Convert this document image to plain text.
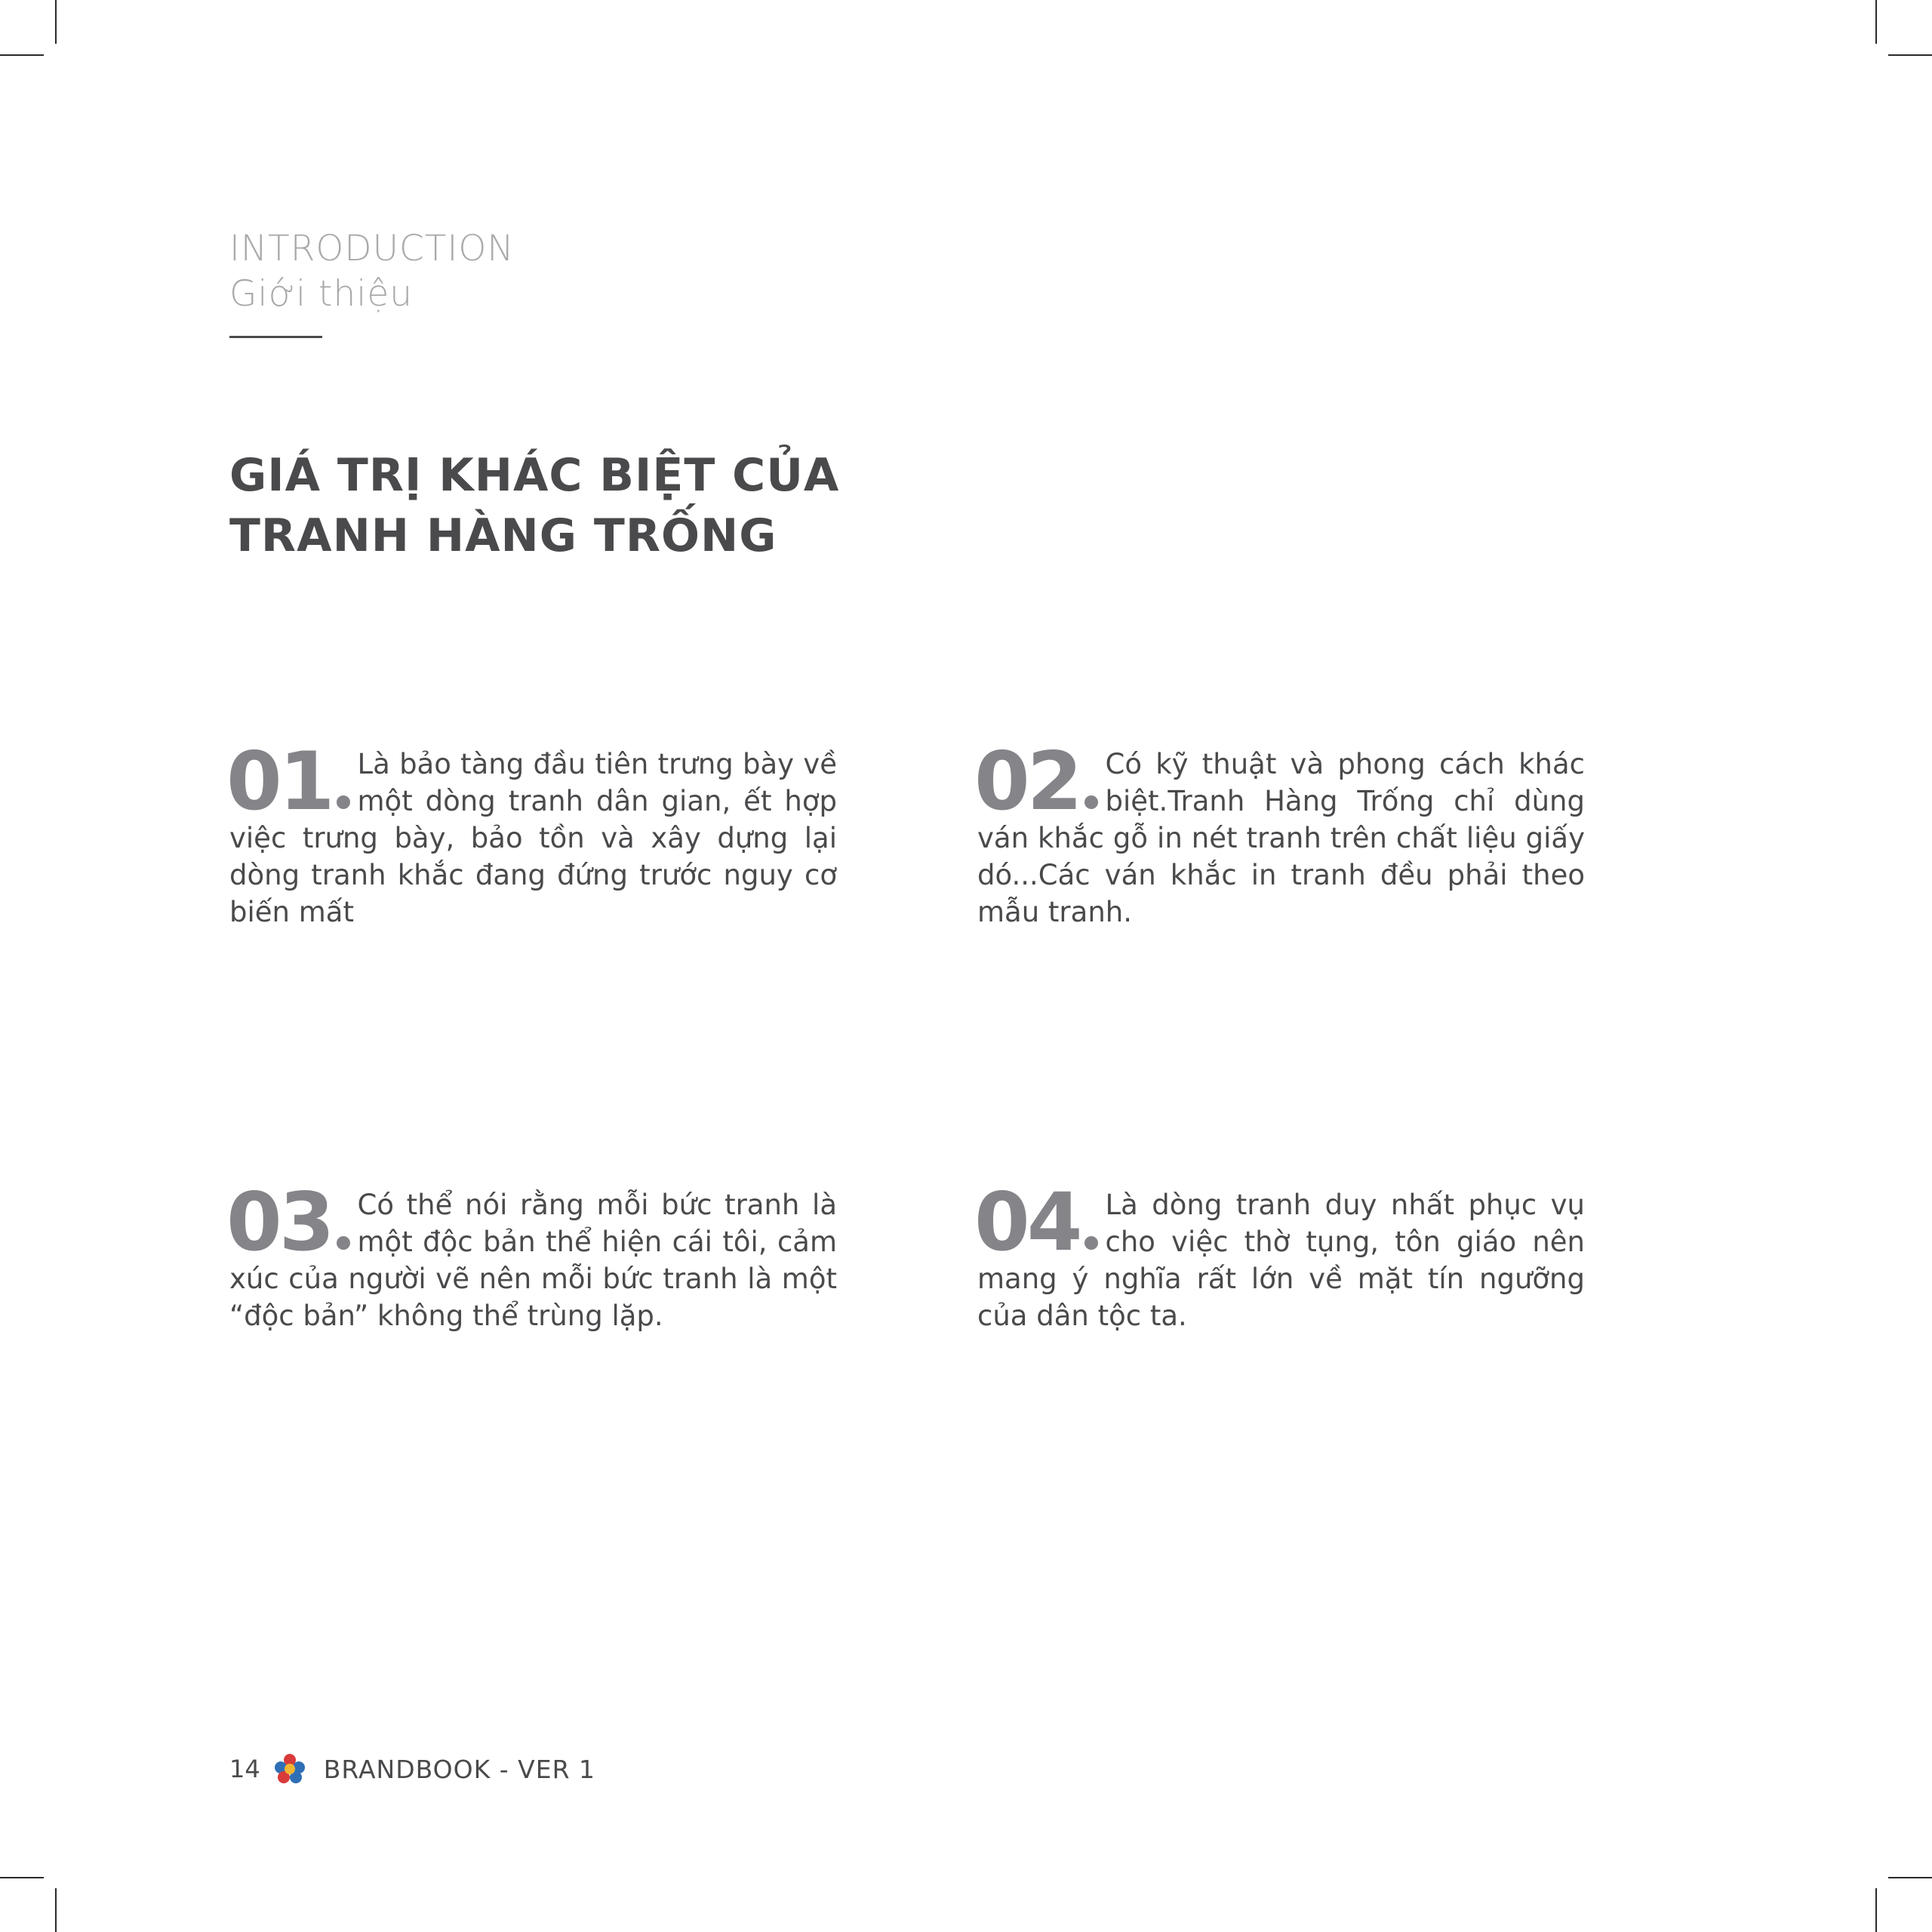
INTRODUCTION
Giới thiệu
GIÁ TRỊ KHÁC BIỆT CỦA
TRANH HÀNG TRỐNG
01 Là bảo tàng đầu tiên trưng bày về một dòng tranh dân gian, ết hợp việc trưng bày, bảo tồn và xây dựng lại dòng tranh khắc đang đứng trước nguy cơ biến mất
02 Có kỹ thuật và phong cách khác biệt.Tranh Hàng Trống chỉ dùng ván khắc gỗ in nét tranh trên chất liệu giấy dó...Các ván khắc in tranh đều phải theo mẫu tranh.
03 Có thể nói rằng mỗi bức tranh là một độc bản thể hiện cái tôi, cảm xúc của người vẽ nên mỗi bức tranh là một “độc bản” không thể trùng lặp.
04 Là dòng tranh duy nhất phục vụ cho việc thờ tụng, tôn giáo nên mang ý nghĩa rất lớn về mặt tín ngưỡng của dân tộc ta.
14	BRANDBOOK - VER 1
